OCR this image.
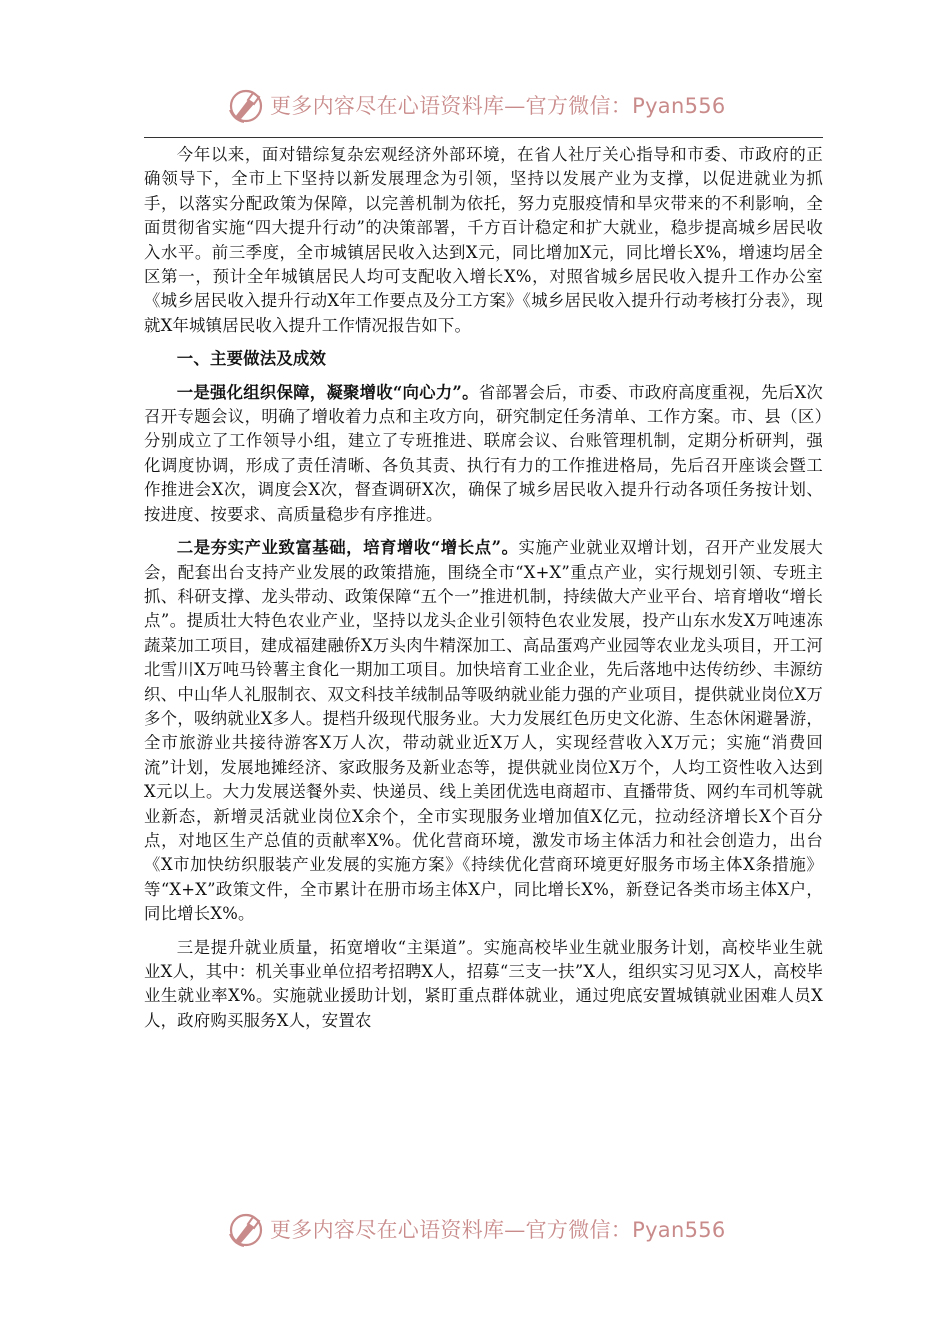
更多内容尽在心语资料库—官方微信：Pyan556

今年以来，面对错综复杂宏观经济外部环境，在省人社厅关心指导和市委、市政府的正确领导下，全市上下坚持以新发展理念为引领，坚持以发展产业为支撑，以促进就业为抓手，以落实分配政策为保障，以完善机制为依托，努力克服疫情和旱灾带来的不利影响，全面贯彻省实施“四大提升行动”的决策部署，千方百计稳定和扩大就业，稳步提高城乡居民收入水平。前三季度，全市城镇居民收入达到X元，同比增加X元，同比增长X%，增速均居全区第一，预计全年城镇居民人均可支配收入增长X%，对照省城乡居民收入提升工作办公室《城乡居民收入提升行动X年工作要点及分工方案》《城乡居民收入提升行动考核打分表》，现就X年城镇居民收入提升工作情况报告如下。

一、主要做法及成效

一是强化组织保障，凝聚增收“向心力”。省部署会后，市委、市政府高度重视，先后X次召开专题会议，明确了增收着力点和主攻方向，研究制定任务清单、工作方案。市、县（区）分别成立了工作领导小组，建立了专班推进、联席会议、台账管理机制，定期分析研判，强化调度协调，形成了责任清晰、各负其责、执行有力的工作推进格局，先后召开座谈会暨工作推进会X次，调度会X次，督查调研X次，确保了城乡居民收入提升行动各项任务按计划、按进度、按要求、高质量稳步有序推进。

二是夯实产业致富基础，培育增收“增长点”。实施产业就业双增计划，召开产业发展大会，配套出台支持产业发展的政策措施，围绕全市“X+X”重点产业，实行规划引领、专班主抓、科研支撑、龙头带动、政策保障“五个一”推进机制，持续做大产业平台、培育增收“增长点”。提质壮大特色农业产业，坚持以龙头企业引领特色农业发展，投产山东水发X万吨速冻蔬菜加工项目，建成福建融侨X万头肉牛精深加工、高品蛋鸡产业园等农业龙头项目，开工河北雪川X万吨马铃薯主食化一期加工项目。加快培育工业企业，先后落地中达传纺纱、丰源纺织、中山华人礼服制衣、双文科技羊绒制品等吸纳就业能力强的产业项目，提供就业岗位X万多个，吸纳就业X多人。提档升级现代服务业。大力发展红色历史文化游、生态休闲避暑游，全市旅游业共接待游客X万人次，带动就业近X万人，实现经营收入X万元；实施“消费回流”计划，发展地摊经济、家政服务及新业态等，提供就业岗位X万个，人均工资性收入达到X元以上。大力发展送餐外卖、快递员、线上美团优选电商超市、直播带货、网约车司机等就业新态，新增灵活就业岗位X余个，全市实现服务业增加值X亿元，拉动经济增长X个百分点，对地区生产总值的贡献率X%。优化营商环境，激发市场主体活力和社会创造力，出台《X市加快纺织服装产业发展的实施方案》《持续优化营商环境更好服务市场主体X条措施》等“X+X”政策文件，全市累计在册市场主体X户，同比增长X%，新登记各类市场主体X户，同比增长X%。

三是提升就业质量，拓宽增收“主渠道”。实施高校毕业生就业服务计划，高校毕业生就业X人，其中：机关事业单位招考招聘X人，招募“三支一扶”X人，组织实习见习X人，高校毕业生就业率X%。实施就业援助计划，紧盯重点群体就业，通过兜底安置城镇就业困难人员X人，政府购买服务X人，安置农

更多内容尽在心语资料库—官方微信：Pyan556
